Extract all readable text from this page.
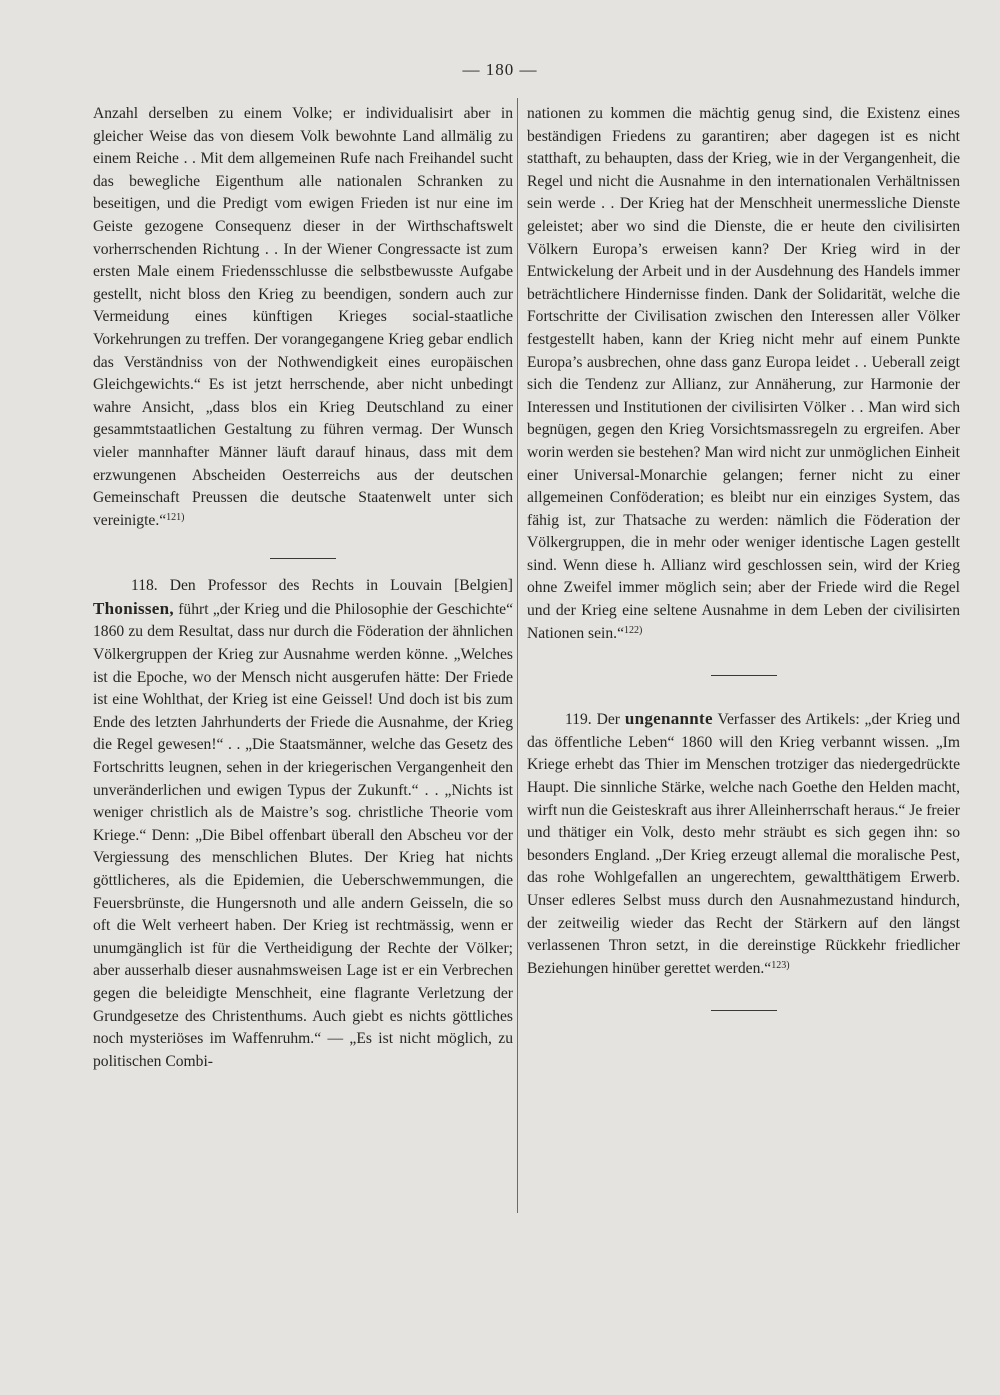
— 180 —

Anzahl derselben zu einem Volke; er individualisirt aber in gleicher Weise das von diesem Volk bewohnte Land allmälig zu einem Reiche . . Mit dem allgemeinen Rufe nach Freihandel sucht das bewegliche Eigenthum alle nationalen Schranken zu beseitigen, und die Predigt vom ewigen Frieden ist nur eine im Geiste gezogene Consequenz dieser in der Wirthschaftswelt vorherrschenden Richtung . . In der Wiener Congressacte ist zum ersten Male einem Friedensschlusse die selbstbewusste Aufgabe gestellt, nicht bloss den Krieg zu beendigen, sondern auch zur Vermeidung eines künftigen Krieges social-staatliche Vorkehrungen zu treffen. Der vorangegangene Krieg gebar endlich das Verständniss von der Nothwendigkeit eines europäischen Gleichgewichts.“ Es ist jetzt herrschende, aber nicht unbedingt wahre Ansicht, „dass blos ein Krieg Deutschland zu einer gesammtstaatlichen Gestaltung zu führen vermag. Der Wunsch vieler mannhafter Männer läuft darauf hinaus, dass mit dem erzwungenen Abscheiden Oesterreichs aus der deutschen Gemeinschaft Preussen die deutsche Staatenwelt unter sich vereinigte.“$^{121)}$

118. Den Professor des Rechts in Louvain [Belgien] Thonissen, führt „der Krieg und die Philosophie der Geschichte“ 1860 zu dem Resultat, dass nur durch die Föderation der ähnlichen Völkergruppen der Krieg zur Ausnahme werden könne. „Welches ist die Epoche, wo der Mensch nicht ausgerufen hätte: Der Friede ist eine Wohlthat, der Krieg ist eine Geissel! Und doch ist bis zum Ende des letzten Jahrhunderts der Friede die Ausnahme, der Krieg die Regel gewesen!“ . . „Die Staatsmänner, welche das Gesetz des Fortschritts leugnen, sehen in der kriegerischen Vergangenheit den unveränderlichen und ewigen Typus der Zukunft.“ . . „Nichts ist weniger christlich als de Maistre’s sog. christliche Theorie vom Kriege.“ Denn: „Die Bibel offenbart überall den Abscheu vor der Vergiessung des menschlichen Blutes. Der Krieg hat nichts göttlicheres, als die Epidemien, die Ueberschwemmungen, die Feuersbrünste, die Hungersnoth und alle andern Geisseln, die so oft die Welt verheert haben. Der Krieg ist rechtmässig, wenn er unumgänglich ist für die Vertheidigung der Rechte der Völker; aber ausserhalb dieser ausnahmsweisen Lage ist er ein Verbrechen gegen die beleidigte Menschheit, eine flagrante Verletzung der Grundgesetze des Christenthums. Auch giebt es nichts göttliches noch mysteriöses im Waffenruhm.“ — „Es ist nicht möglich, zu politischen Combi-

nationen zu kommen die mächtig genug sind, die Existenz eines beständigen Friedens zu garantiren; aber dagegen ist es nicht statthaft, zu behaupten, dass der Krieg, wie in der Vergangenheit, die Regel und nicht die Ausnahme in den internationalen Verhältnissen sein werde . . Der Krieg hat der Menschheit unermessliche Dienste geleistet; aber wo sind die Dienste, die er heute den civilisirten Völkern Europa’s erweisen kann? Der Krieg wird in der Entwickelung der Arbeit und in der Ausdehnung des Handels immer beträchtlichere Hindernisse finden. Dank der Solidarität, welche die Fortschritte der Civilisation zwischen den Interessen aller Völker festgestellt haben, kann der Krieg nicht mehr auf einem Punkte Europa’s ausbrechen, ohne dass ganz Europa leidet . . Ueberall zeigt sich die Tendenz zur Allianz, zur Annäherung, zur Harmonie der Interessen und Institutionen der civilisirten Völker . . Man wird sich begnügen, gegen den Krieg Vorsichtsmassregeln zu ergreifen. Aber worin werden sie bestehen? Man wird nicht zur unmöglichen Einheit einer Universal-Monarchie gelangen; ferner nicht zu einer allgemeinen Conföderation; es bleibt nur ein einziges System, das fähig ist, zur Thatsache zu werden: nämlich die Föderation der Völkergruppen, die in mehr oder weniger identische Lagen gestellt sind. Wenn diese h. Allianz wird geschlossen sein, wird der Krieg ohne Zweifel immer möglich sein; aber der Friede wird die Regel und der Krieg eine seltene Ausnahme in dem Leben der civilisirten Nationen sein.“$^{122)}$

119. Der ungenannte Verfasser des Artikels: „der Krieg und das öffentliche Leben“ 1860 will den Krieg verbannt wissen. „Im Kriege erhebt das Thier im Menschen trotziger das niedergedrückte Haupt. Die sinnliche Stärke, welche nach Goethe den Helden macht, wirft nun die Geisteskraft aus ihrer Alleinherrschaft heraus.“ Je freier und thätiger ein Volk, desto mehr sträubt es sich gegen ihn: so besonders England. „Der Krieg erzeugt allemal die moralische Pest, das rohe Wohlgefallen an ungerechtem, gewaltthätigem Erwerb. Unser edleres Selbst muss durch den Ausnahmezustand hindurch, der zeitweilig wieder das Recht der Stärkern auf den längst verlassenen Thron setzt, in die dereinstige Rückkehr friedlicher Beziehungen hinüber gerettet werden.“$^{123)}$
